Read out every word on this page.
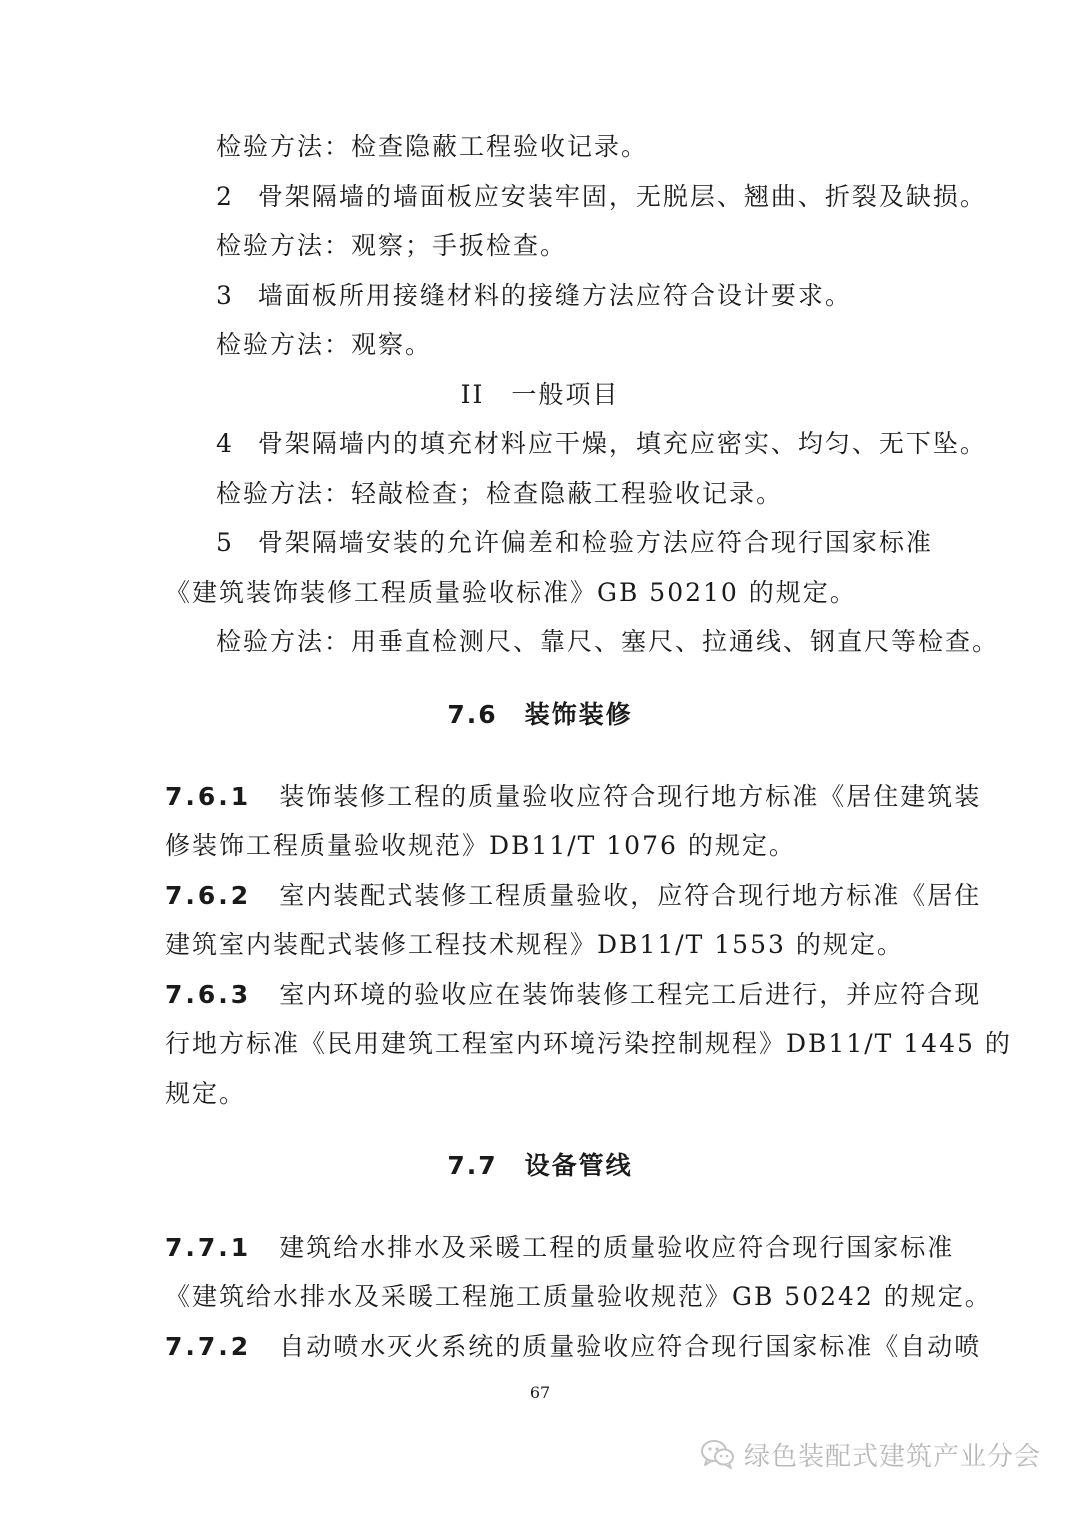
检验方法：检查隐蔽工程验收记录。
2 骨架隔墙的墙面板应安装牢固，无脱层、翘曲、折裂及缺损。
检验方法：观察；手扳检查。
3 墙面板所用接缝材料的接缝方法应符合设计要求。
检验方法：观察。
II　一般项目
4 骨架隔墙内的填充材料应干燥，填充应密实、均匀、无下坠。
检验方法：轻敲检查；检查隐蔽工程验收记录。
5 骨架隔墙安装的允许偏差和检验方法应符合现行国家标准
《建筑装饰装修工程质量验收标准》GB 50210 的规定。
检验方法：用垂直检测尺、靠尺、塞尺、拉通线、钢直尺等检查。
7.6　装饰装修
7.6.1 装饰装修工程的质量验收应符合现行地方标准《居住建筑装
修装饰工程质量验收规范》DB11/T 1076 的规定。
7.6.2 室内装配式装修工程质量验收，应符合现行地方标准《居住
建筑室内装配式装修工程技术规程》DB11/T 1553 的规定。
7.6.3 室内环境的验收应在装饰装修工程完工后进行，并应符合现
行地方标准《民用建筑工程室内环境污染控制规程》DB11/T 1445 的
规定。
7.7　设备管线
7.7.1 建筑给水排水及采暖工程的质量验收应符合现行国家标准
《建筑给水排水及采暖工程施工质量验收规范》GB 50242 的规定。
7.7.2 自动喷水灭火系统的质量验收应符合现行国家标准《自动喷
67
绿色装配式建筑产业分会
